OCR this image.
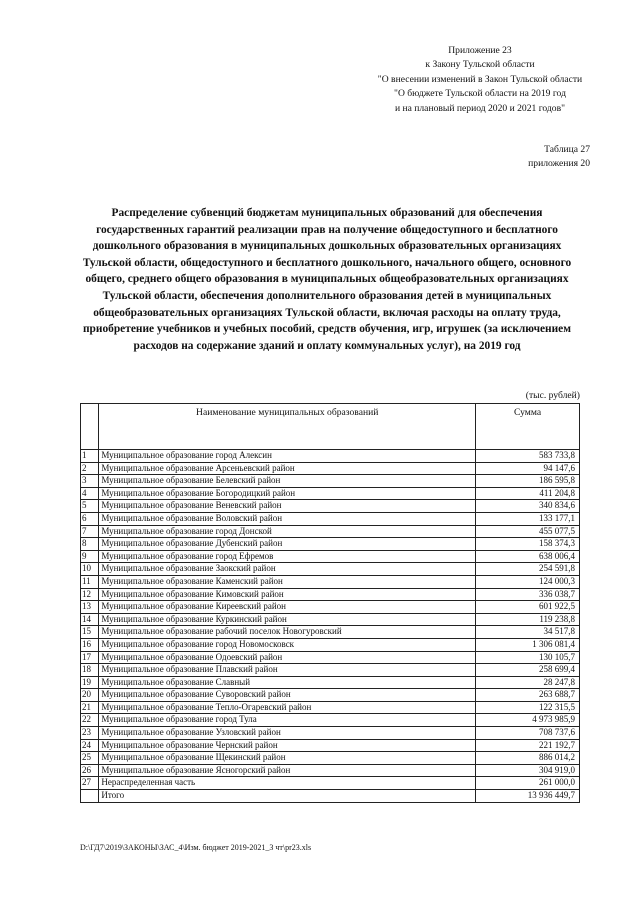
Приложение 23
к Закону Тульской области
"О внесении изменений в Закон Тульской области
"О бюджете Тульской области на 2019 год
и на плановый период 2020 и 2021 годов"
Таблица 27
приложения 20
Распределение субвенций бюджетам муниципальных образований для обеспечения государственных гарантий реализации прав на получение общедоступного и бесплатного дошкольного образования в муниципальных дошкольных образовательных организациях Тульской области, общедоступного и бесплатного дошкольного, начального общего, основного общего, среднего общего образования в муниципальных общеобразовательных организациях Тульской области, обеспечения дополнительного образования детей в муниципальных общеобразовательных организациях Тульской области, включая расходы на оплату труда, приобретение учебников и учебных пособий, средств обучения, игр, игрушек (за исключением расходов на содержание зданий и оплату коммунальных услуг), на 2019 год
(тыс. рублей)
	Наименование муниципальных образований	Сумма
1	Муниципальное образование город Алексин	583 733,8
2	Муниципальное образование Арсеньевский район	94 147,6
3	Муниципальное образование Белевский район	186 595,8
4	Муниципальное образование Богородицкий район	411 204,8
5	Муниципальное образование Веневский район	340 834,6
6	Муниципальное образование Воловский район	133 177,1
7	Муниципальное образование город Донской	455 077,5
8	Муниципальное образование Дубенский район	158 374,3
9	Муниципальное образование город Ефремов	638 006,4
10	Муниципальное образование Заокский район	254 591,8
11	Муниципальное образование Каменский район	124 000,3
12	Муниципальное образование Кимовский район	336 038,7
13	Муниципальное образование Киреевский район	601 922,5
14	Муниципальное образование Куркинский район	119 238,8
15	Муниципальное образование рабочий поселок Новогуровский	34 517,8
16	Муниципальное образование город Новомосковск	1 306 081,4
17	Муниципальное образование Одоевский район	130 105,7
18	Муниципальное образование Плавский район	258 699,4
19	Муниципальное образование Славный	28 247,8
20	Муниципальное образование Суворовский район	263 688,7
21	Муниципальное образование Тепло-Огаревский район	122 315,5
22	Муниципальное образование город Тула	4 973 985,9
23	Муниципальное образование Узловский район	708 737,6
24	Муниципальное образование Чернский район	221 192,7
25	Муниципальное образование Щекинский район	886 014,2
26	Муниципальное образование Ясногорский район	304 919,0
27	Нераспределенная часть	261 000,0
	Итого	13 936 449,7
D:\ГД7\2019\ЗАКОНЫ\ЗАС_4\Изм. бюджет 2019-2021_3 чт\pr23.xls
